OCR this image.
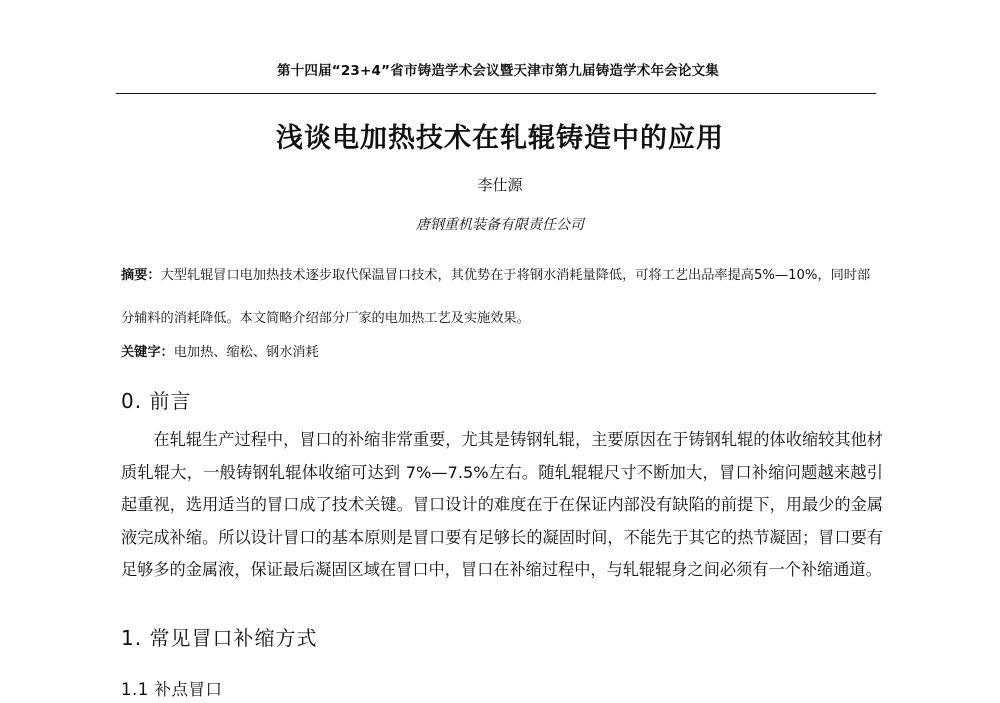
第十四届“23+4”省市铸造学术会议暨天津市第九届铸造学术年会论文集
浅谈电加热技术在轧辊铸造中的应用
李仕源
唐钢重机装备有限责任公司

摘要：大型轧辊冒口电加热技术逐步取代保温冒口技术，其优势在于将钢水消耗量降低，可将工艺出品率提高5%—10%，同时部分辅料的消耗降低。本文简略介绍部分厂家的电加热工艺及实施效果。

关键字：电加热、缩松、钢水消耗

0. 前言

在轧辊生产过程中，冒口的补缩非常重要，尤其是铸钢轧辊，主要原因在于铸钢轧辊的体收缩较其他材质轧辊大，一般铸钢轧辊体收缩可达到 7%—7.5%左右。随轧辊辊尺寸不断加大，冒口补缩问题越来越引起重视，选用适当的冒口成了技术关键。冒口设计的难度在于在保证内部没有缺陷的前提下，用最少的金属液完成补缩。所以设计冒口的基本原则是冒口要有足够长的凝固时间，不能先于其它的热节凝固；冒口要有足够多的金属液，保证最后凝固区域在冒口中，冒口在补缩过程中，与轧辊辊身之间必须有一个补缩通道。

1. 常见冒口补缩方式
1.1 补点冒口
